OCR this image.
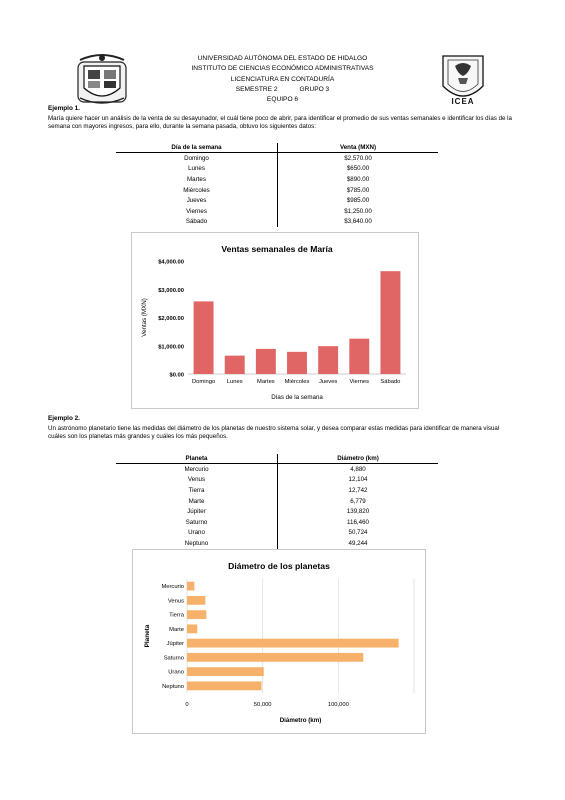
ICEA
UNIVERSIDAD AUTÓNOMA DEL ESTADO DE HIDALGO
INSTITUTO DE CIENCIAS ECONÓMICO ADMINISTRATIVAS
LICENCIATURA EN CONTADURÍA
SEMESTRE 2	GRUPO 3
EQUIPO 6
Ejemplo 1.
María quiere hacer un análisis de la venta de su desayunador, el cuál tiene poco de abrir, para identificar el promedio de sus ventas semanales e identificar los días de la semana con mayores ingresos, para ello, durante la semana pasada, obtuvo los siguientes datos:
Día de la semana	Venta (MXN)
Domingo	$2,570.00
Lunes	$650.00
Martes	$890.00
Miércoles	$785.00
Jueves	$985.00
Viernes	$1,250.00
Sábado	$3,640.00
Ventas semanales de María
$0.00
$1,000.00
$2,000.00
$3,000.00
$4,000.00
Domingo Lunes Martes Miércoles Jueves Viernes Sábado
Días de la semana
Ventas (MXN)
Ejemplo 2.
Un astrónomo planetario tiene las medidas del diámetro de los planetas de nuestro sistema solar, y desea comparar estas medidas para identificar de manera visual cuáles son los planetas más grandes y cuáles los más pequeños.
Planeta	Diámetro (km)
Mercurio	4,880
Venus	12,104
Tierra	12,742
Marte	6,779
Júpiter	139,820
Saturno	116,460
Urano	50,724
Neptuno	49,244
Diámetro de los planetas
0	50,000	100,000
Mercurio
Venus
Tierra
Marte
Júpiter
Saturno
Urano
Neptuno
Diámetro (km)
Planeta
